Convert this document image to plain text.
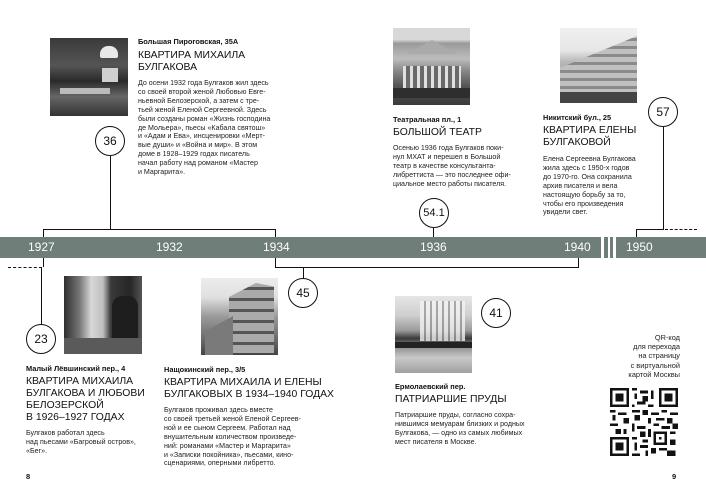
Большая Пироговская, 35А
КВАРТИРА МИХАИЛА
БУЛГАКОВА
До осени 1932 года Булгаков жил здесь
со своей второй женой Любовью Евге-
ньевной Белозерской, а затем с тре-
тьей женой Еленой Сергеевной. Здесь
были созданы роман «Жизнь господина
де Мольера», пьесы «Кабала святош»
и «Адам и Ева», инсценировки «Мерт-
вые души» и «Война и мир». В этом
доме в 1928–1929 годах писатель
начал работу над романом «Мастер
и Маргарита».
36
Театральная пл., 1
БОЛЬШОЙ ТЕАТР
Осенью 1936 года Булгаков поки-
нул МХАТ и перешел в Большой
театр в качестве консультанта-
либреттиста — это последнее офи-
циальное место работы писателя.
54.1
Никитский бул., 25
КВАРТИРА ЕЛЕНЫ
БУЛГАКОВОЙ
Елена Сергеевна Булгакова
жила здесь с 1950-х годов
до 1970-го. Она сохранила
архив писателя и вела
настоящую борьбу за то,
чтобы его произведения
увидели свет.
57
1927	1932	1934	1936	1940	1950
23
45
Малый Лёвшинский пер., 4
КВАРТИРА МИХАИЛА
БУЛГАКОВА И ЛЮБОВИ
БЕЛОЗЕРСКОЙ
В 1926–1927 ГОДАХ
Булгаков работал здесь
над пьесами «Багровый остров»,
«Бег».
8
Нащокинский пер., 3/5
КВАРТИРА МИХАИЛА И ЕЛЕНЫ
БУЛГАКОВЫХ В 1934–1940 ГОДАХ
Булгаков проживал здесь вместе
со своей третьей женой Еленой Сергеев-
ной и ее сыном Сергеем. Работал над
внушительным количеством произведе-
ний: романами «Мастер и Маргарита»
и «Записки покойника», пьесами, кино-
сценариями, оперными либретто.
41
Ермолаевский пер.
ПАТРИАРШИЕ ПРУДЫ
Патриаршие пруды, согласно сохра-
нившимся мемуарам близких и родных
Булгакова, — одно из самых любимых
мест писателя в Москве.
QR-код
для перехода
на страницу
с виртуальной
картой Москвы
9
